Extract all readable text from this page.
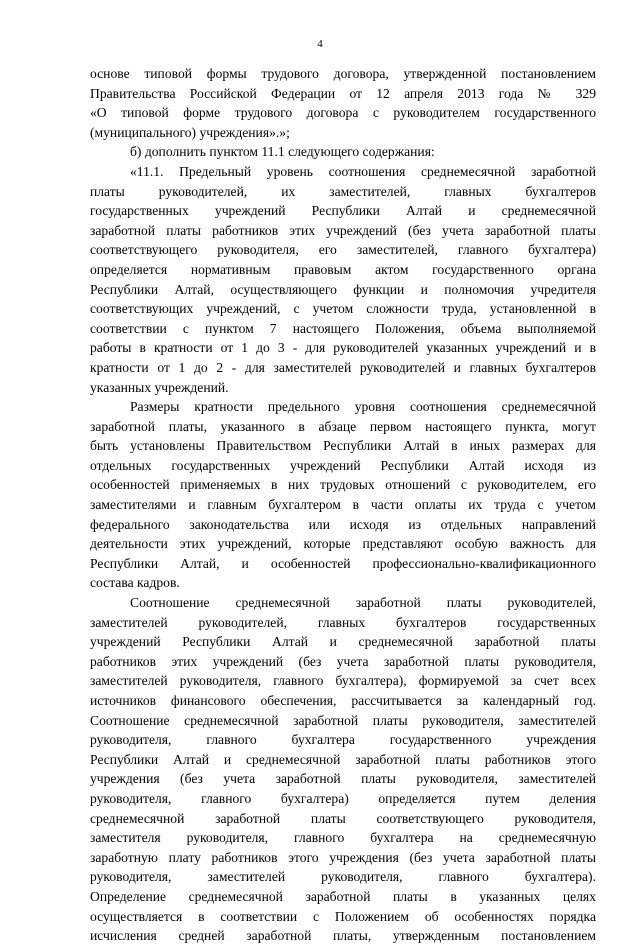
4

основе типовой формы трудового договора, утвержденной постановлением
Правительства Российской Федерации от 12 апреля 2013 года № 329
«О типовой форме трудового договора с руководителем государственного
(муниципального) учреждения».»;

б) дополнить пунктом 11.1 следующего содержания:

«11.1. Предельный уровень соотношения среднемесячной заработной
платы руководителей, их заместителей, главных бухгалтеров
государственных учреждений Республики Алтай и среднемесячной
заработной платы работников этих учреждений (без учета заработной платы
соответствующего руководителя, его заместителей, главного бухгалтера)
определяется нормативным правовым актом государственного органа
Республики Алтай, осуществляющего функции и полномочия учредителя
соответствующих учреждений, с учетом сложности труда, установленной в
соответствии с пунктом 7 настоящего Положения, объема выполняемой
работы в кратности от 1 до 3 - для руководителей указанных учреждений и в
кратности от 1 до 2 - для заместителей руководителей и главных бухгалтеров
указанных учреждений.

Размеры кратности предельного уровня соотношения среднемесячной
заработной платы, указанного в абзаце первом настоящего пункта, могут
быть установлены Правительством Республики Алтай в иных размерах для
отдельных государственных учреждений Республики Алтай исходя из
особенностей применяемых в них трудовых отношений с руководителем, его
заместителями и главным бухгалтером в части оплаты их труда с учетом
федерального законодательства или исходя из отдельных направлений
деятельности этих учреждений, которые представляют особую важность для
Республики Алтай, и особенностей профессионально-квалификационного
состава кадров.

Соотношение среднемесячной заработной платы руководителей,
заместителей руководителей, главных бухгалтеров государственных
учреждений Республики Алтай и среднемесячной заработной платы
работников этих учреждений (без учета заработной платы руководителя,
заместителей руководителя, главного бухгалтера), формируемой за счет всех
источников финансового обеспечения, рассчитывается за календарный год.
Соотношение среднемесячной заработной платы руководителя, заместителей
руководителя, главного бухгалтера государственного учреждения
Республики Алтай и среднемесячной заработной платы работников этого
учреждения (без учета заработной платы руководителя, заместителей
руководителя, главного бухгалтера) определяется путем деления
среднемесячной заработной платы соответствующего руководителя,
заместителя руководителя, главного бухгалтера на среднемесячную
заработную плату работников этого учреждения (без учета заработной платы
руководителя, заместителей руководителя, главного бухгалтера).
Определение среднемесячной заработной платы в указанных целях
осуществляется в соответствии с Положением об особенностях порядка
исчисления средней заработной платы, утвержденным постановлением
